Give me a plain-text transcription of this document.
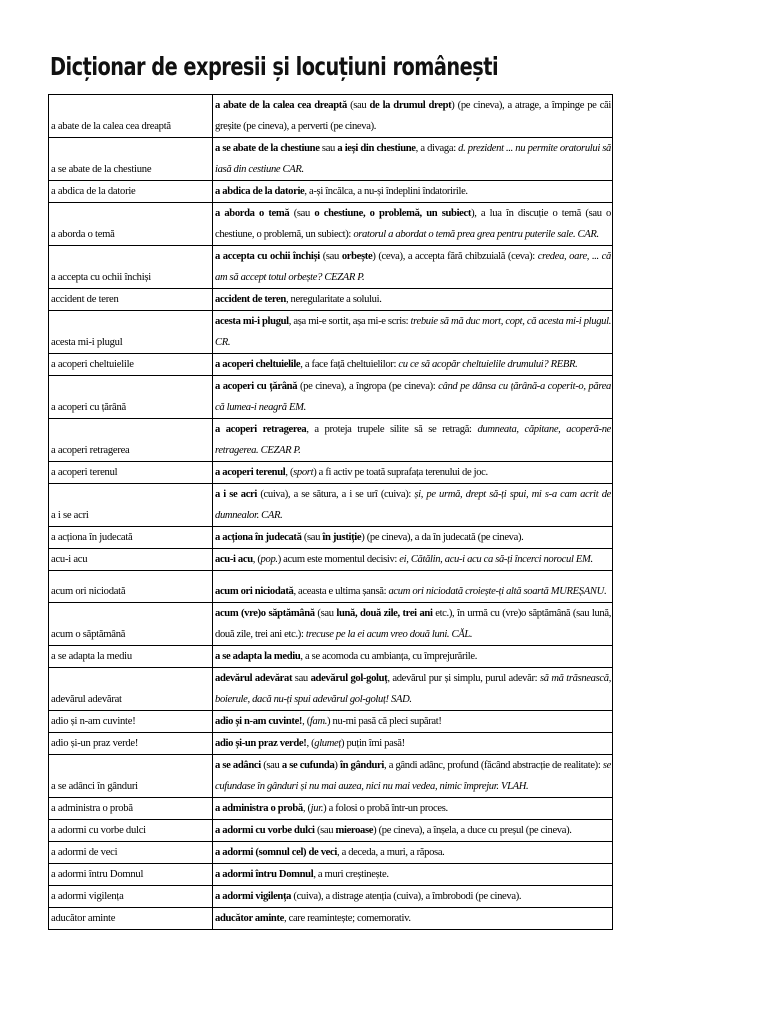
Dicționar de expresii și locuțiuni românești
a abate de la calea cea dreaptă	a abate de la calea cea dreaptă (sau de la drumul drept) (pe cineva), a atrage, a împinge pe căi greșite (pe cineva), a perverti (pe cineva).
a se abate de la chestiune	a se abate de la chestiune sau a ieși din chestiune, a divaga: d. prezident ... nu permite oratorului să iasă din cestiune CAR.
a abdica de la datorie	a abdica de la datorie, a-și încălca, a nu-și îndeplini îndatoririle.
a aborda o temă	a aborda o temă (sau o chestiune, o problemă, un subiect), a lua în discuție o temă (sau o chestiune, o problemă, un subiect): oratorul a abordat o temă prea grea pentru puterile sale. CAR.
a accepta cu ochii închiși	a accepta cu ochii închiși (sau orbește) (ceva), a accepta fără chibzuială (ceva): credea, oare, ... că am să accept totul orbește? CEZAR P.
accident de teren	accident de teren, neregularitate a solului.
acesta mi-i plugul	acesta mi-i plugul, așa mi-e sortit, așa mi-e scris: trebuie să mă duc mort, copt, că acesta mi-i plugul. CR.
a acoperi cheltuielile	a acoperi cheltuielile, a face față cheltuielilor: cu ce să acopăr cheltuielile drumului? REBR.
a acoperi cu țărână	a acoperi cu țărână (pe cineva), a îngropa (pe cineva): când pe dânsa cu țărână-a coperit-o, părea că lumea-i neagră EM.
a acoperi retragerea	a acoperi retragerea, a proteja trupele silite să se retragă: dumneata, căpitane, acoperă-ne retragerea. CEZAR P.
a acoperi terenul	a acoperi terenul, (sport) a fi activ pe toată suprafața terenului de joc.
a i se acri	a i se acri (cuiva), a se sătura, a i se urî (cuiva): și, pe urmă, drept să-ți spui, mi s-a cam acrit de dumnealor. CAR.
a acționa în judecată	a acționa în judecată (sau în justiție) (pe cineva), a da în judecată (pe cineva).
acu-i acu	acu-i acu, (pop.) acum este momentul decisiv: ei, Cătălin, acu-i acu ca să-ți încerci norocul EM.
acum ori niciodată	acum ori niciodată, aceasta e ultima șansă: acum ori niciodată croiește-ți altă soartă MUREȘANU.
acum o săptămână	acum (vre)o săptămână (sau lună, două zile, trei ani etc.), în urmă cu (vre)o săptămână (sau lună, două zile, trei ani etc.): trecuse pe la ei acum vreo două luni. CĂL.
a se adapta la mediu	a se adapta la mediu, a se acomoda cu ambianța, cu împrejurările.
adevărul adevărat	adevărul adevărat sau adevărul gol-goluț, adevărul pur și simplu, purul adevăr: să mă trăsnească, boierule, dacă nu-ți spui adevărul gol-goluț! SAD.
adio și n-am cuvinte!	adio și n-am cuvinte!, (fam.) nu-mi pasă că pleci supărat!
adio și-un praz verde!	adio și-un praz verde!, (glumeț) puțin îmi pasă!
a se adânci în gânduri	a se adânci (sau a se cufunda) în gânduri, a gândi adânc, profund (făcând abstracție de realitate): se cufundase în gânduri și nu mai auzea, nici nu mai vedea, nimic împrejur. VLAH.
a administra o probă	a administra o probă, (jur.) a folosi o probă într-un proces.
a adormi cu vorbe dulci	a adormi cu vorbe dulci (sau mieroase) (pe cineva), a înșela, a duce cu preșul (pe cineva).
a adormi de veci	a adormi (somnul cel) de veci, a deceda, a muri, a răposa.
a adormi întru Domnul	a adormi întru Domnul, a muri creștinește.
a adormi vigilența	a adormi vigilența (cuiva), a distrage atenția (cuiva), a îmbrobodi (pe cineva).
aducător aminte	aducător aminte, care reamintește; comemorativ.
